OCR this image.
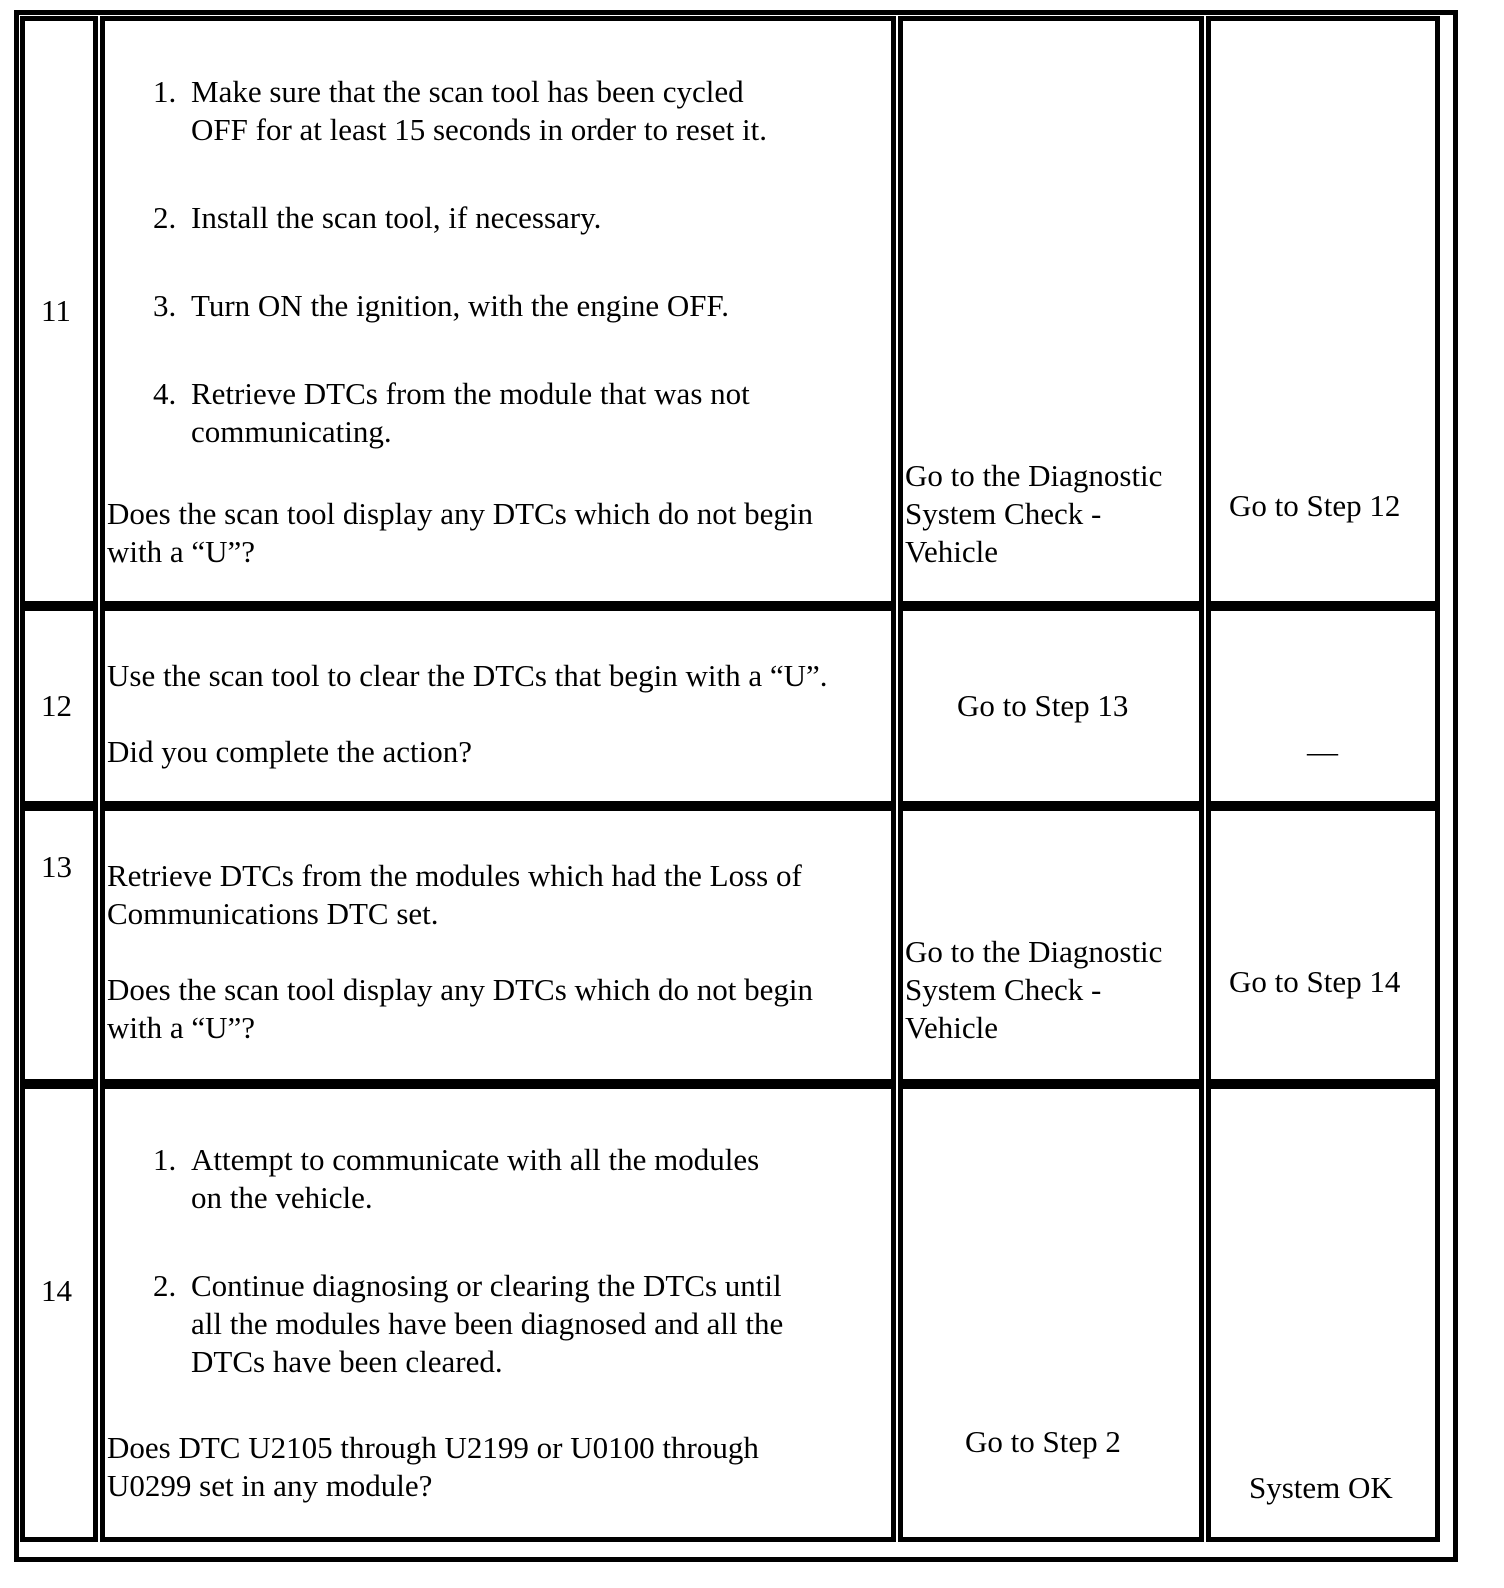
11
1. Make sure that the scan tool has been cycled
OFF for at least 15 seconds in order to reset it.
2. Install the scan tool, if necessary.
3. Turn ON the ignition, with the engine OFF.
4. Retrieve DTCs from the module that was not
communicating.
Does the scan tool display any DTCs which do not begin
with a “U”?
Go to the Diagnostic
System Check -
Vehicle
Go to Step 12
12
Use the scan tool to clear the DTCs that begin with a “U”.
Did you complete the action?
Go to Step 13
—
13 Retrieve DTCs from the modules which had the Loss of
Communications DTC set.
Does the scan tool display any DTCs which do not begin
with a “U”?
Go to the Diagnostic
System Check -
Vehicle
Go to Step 14
14
1. Attempt to communicate with all the modules
on the vehicle.
2. Continue diagnosing or clearing the DTCs until
all the modules have been diagnosed and all the
DTCs have been cleared.
Does DTC U2105 through U2199 or U0100 through
U0299 set in any module?
Go to Step 2
System OK
